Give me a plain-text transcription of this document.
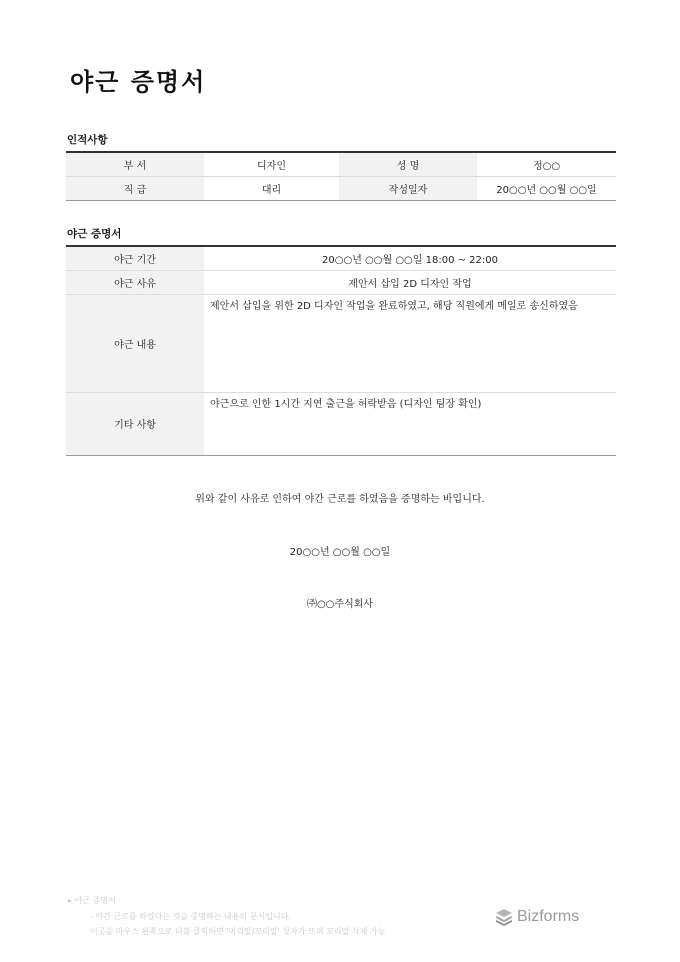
야근 증명서
인적사항
부 서	디자인	성 명	정○○
직 급	대리	작성일자	20○○년 ○○월 ○○일
야근 증명서
야근 기간	20○○년 ○○월 ○○일 18:00 ~ 22:00
야근 사유	제안서 삽입 2D 디자인 작업
야근 내용	제안서 삽입을 위한 2D 디자인 작업을 완료하였고, 해당 직원에게 메일로 송신하였음
기타 사항	야근으로 인한 1시간 지연 출근을 허락받음 (디자인 팀장 확인)
위와 같이 사유로 인하여 야간 근로를 하였음을 증명하는 바입니다.
20○○년 ○○월 ○○일
㈜○○주식회사
▸ 야근 증명서
- 야간 근로를 하였다는 것을 증명하는 내용의 문서입니다.
이곳을 마우스 왼쪽으로 더블 클릭하면 '머리말/꼬리말' 상자가 뜨며 꼬리말 삭제 가능
Bizforms
